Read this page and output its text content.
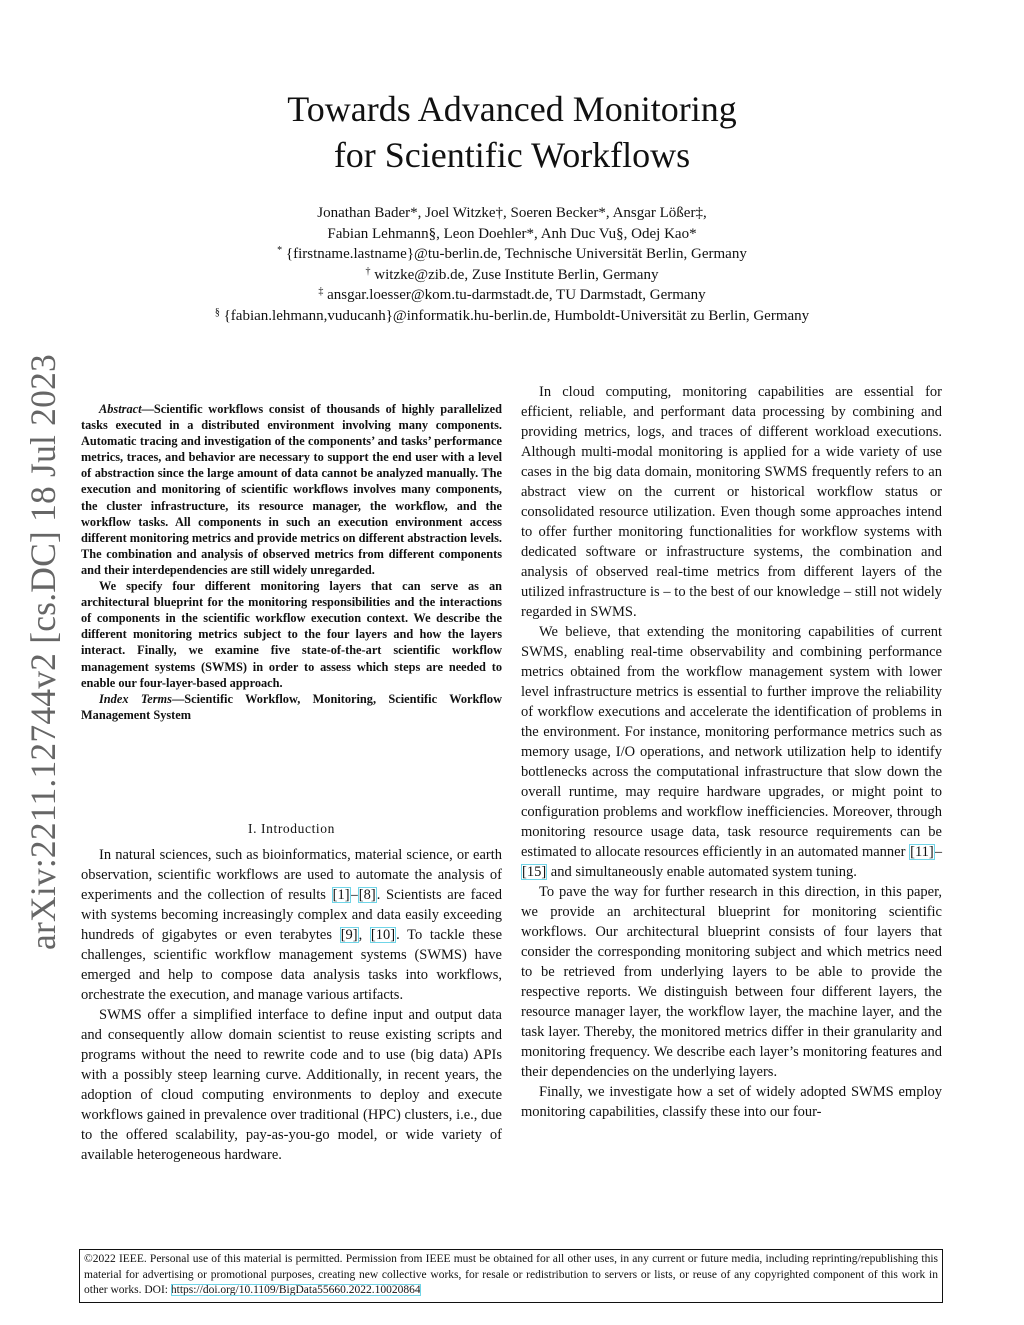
Towards Advanced Monitoring
for Scientific Workflows
Jonathan Bader*, Joel Witzke†, Soeren Becker*, Ansgar Lößer‡,
Fabian Lehmann§, Leon Doehler*, Anh Duc Vu§, Odej Kao*
* {firstname.lastname}@tu-berlin.de, Technische Universität Berlin, Germany
† witzke@zib.de, Zuse Institute Berlin, Germany
‡ ansgar.loesser@kom.tu-darmstadt.de, TU Darmstadt, Germany
§ {fabian.lehmann,vuducanh}@informatik.hu-berlin.de, Humboldt-Universität zu Berlin, Germany
arXiv:2211.12744v2 [cs.DC] 18 Jul 2023	Abstract—Scientific workflows consist of thousands of highly parallelized tasks executed in a distributed environment involving many components. Automatic tracing and investigation of the components’ and tasks’ performance metrics, traces, and behavior are necessary to support the end user with a level of abstraction since the large amount of data cannot be analyzed manually. The execution and monitoring of scientific workflows involves many components, the cluster infrastructure, its resource manager, the workflow, and the workflow tasks. All components in such an execution environment access different monitoring metrics and provide metrics on different abstraction levels. The combination and analysis of observed metrics from different components and their interdependencies are still widely unregarded.

We specify four different monitoring layers that can serve as an architectural blueprint for the monitoring responsibilities and the interactions of components in the scientific workflow execution context. We describe the different monitoring metrics subject to the four layers and how the layers interact. Finally, we examine five state-of-the-art scientific workflow management systems (SWMS) in order to assess which steps are needed to enable our four-layer-based approach.

Index Terms—Scientific Workflow, Monitoring, Scientific Workflow Management System

I. Introduction

In natural sciences, such as bioinformatics, material science, or earth observation, scientific workflows are used to automate the analysis of experiments and the collection of results [1]–[8]. Scientists are faced with systems becoming increasingly complex and data easily exceeding hundreds of gigabytes or even terabytes [9], [10]. To tackle these challenges, scientific workflow management systems (SWMS) have emerged and help to compose data analysis tasks into workflows, orchestrate the execution, and manage various artifacts.

SWMS offer a simplified interface to define input and output data and consequently allow domain scientist to reuse existing scripts and programs without the need to rewrite code and to use (big data) APIs with a possibly steep learning curve. Additionally, in recent years, the adoption of cloud computing environments to deploy and execute workflows gained in prevalence over traditional (HPC) clusters, i.e., due to the offered scalability, pay-as-you-go model, or wide variety of available heterogeneous hardware.

In cloud computing, monitoring capabilities are essential for efficient, reliable, and performant data processing by combining and providing metrics, logs, and traces of different workload executions. Although multi-modal monitoring is applied for a wide variety of use cases in the big data domain, monitoring SWMS frequently refers to an abstract view on the current or historical workflow status or consolidated resource utilization. Even though some approaches intend to offer further monitoring functionalities for workflow systems with dedicated software or infrastructure systems, the combination and analysis of observed real-time metrics from different layers of the utilized infrastructure is – to the best of our knowledge – still not widely regarded in SWMS.

We believe, that extending the monitoring capabilities of current SWMS, enabling real-time observability and combining performance metrics obtained from the workflow management system with lower level infrastructure metrics is essential to further improve the reliability of workflow executions and accelerate the identification of problems in the environment. For instance, monitoring performance metrics such as memory usage, I/O operations, and network utilization help to identify bottlenecks across the computational infrastructure that slow down the overall runtime, may require hardware upgrades, or might point to configuration problems and workflow inefficiencies. Moreover, through monitoring resource usage data, task resource requirements can be estimated to allocate resources efficiently in an automated manner [11]–[15] and simultaneously enable automated system tuning.

To pave the way for further research in this direction, in this paper, we provide an architectural blueprint for monitoring scientific workflows. Our architectural blueprint consists of four layers that consider the corresponding monitoring subject and which metrics need to be retrieved from underlying layers to be able to provide the respective reports. We distinguish between four different layers, the resource manager layer, the workflow layer, the machine layer, and the task layer. Thereby, the monitored metrics differ in their granularity and monitoring frequency. We describe each layer’s monitoring features and their dependencies on the underlying layers.

Finally, we investigate how a set of widely adopted SWMS employ monitoring capabilities, classify these into our four-

©2022 IEEE. Personal use of this material is permitted. Permission from IEEE must be obtained for all other uses, in any current or future media, including reprinting/republishing this material for advertising or promotional purposes, creating new collective works, for resale or redistribution to servers or lists, or reuse of any copyrighted component of this work in other works. DOI: https://doi.org/10.1109/BigData55660.2022.10020864
